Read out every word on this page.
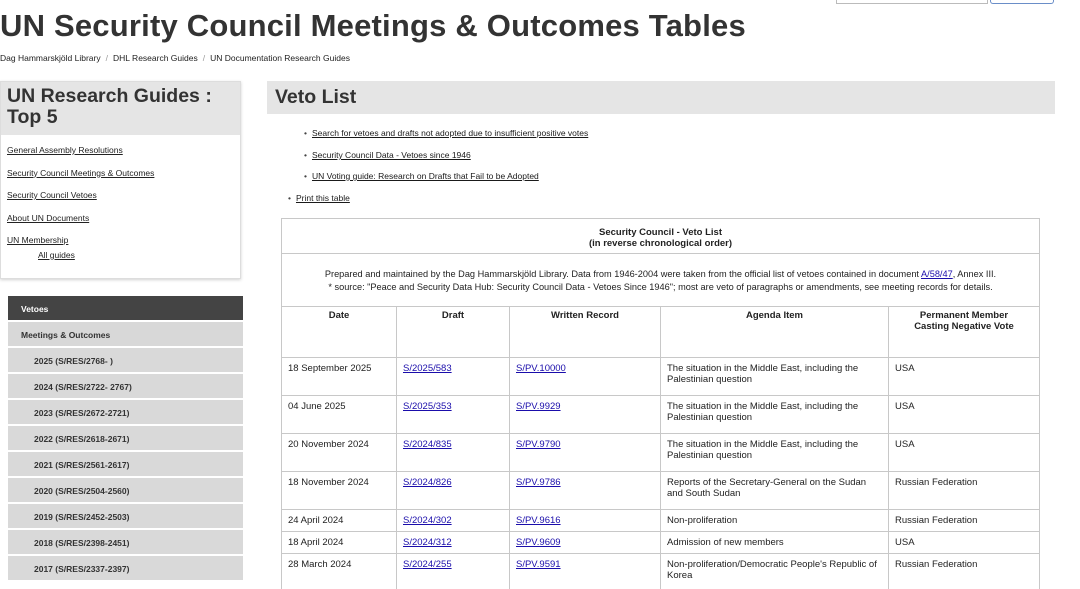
UN Security Council Meetings & Outcomes Tables
Dag Hammarskjöld Library / DHL Research Guides / UN Documentation Research Guides
UN Research Guides : Top 5
General Assembly Resolutions
Security Council Meetings & Outcomes
Security Council Vetoes
About UN Documents
UN Membership
All guides
Vetoes
Meetings & Outcomes
2025 (S/RES/2768- )
2024 (S/RES/2722- 2767)
2023 (S/RES/2672-2721)
2022 (S/RES/2618-2671)
2021 (S/RES/2561-2617)
2020 (S/RES/2504-2560)
2019 (S/RES/2452-2503)
2018 (S/RES/2398-2451)
2017 (S/RES/2337-2397)
Veto List
• Search for vetoes and drafts not adopted due to insufficient positive votes
• Security Council Data - Vetoes since 1946
• UN Voting guide: Research on Drafts that Fail to be Adopted
• Print this table
Security Council - Veto List
(in reverse chronological order)				

Prepared and maintained by the Dag Hammarskjöld Library. Data from 1946-2004 were taken from the official list of vetoes contained in document A/58/47, Annex III.
* source: "Peace and Security Data Hub: Security Council Data - Vetoes Since 1946"; most are veto of paragraphs or amendments, see meeting records for details.				
Date	Draft	Written Record	Agenda Item	Permanent Member Casting Negative Vote
18 September 2025	S/2025/583	S/PV.10000	The situation in the Middle East, including the Palestinian question	USA
04 June 2025	S/2025/353	S/PV.9929	The situation in the Middle East, including the Palestinian question	USA
20 November 2024	S/2024/835	S/PV.9790	The situation in the Middle East, including the Palestinian question	USA
18 November 2024	S/2024/826	S/PV.9786	Reports of the Secretary-General on the Sudan and South Sudan	Russian Federation
24 April 2024	S/2024/302	S/PV.9616	Non-proliferation	Russian Federation
18 April 2024	S/2024/312	S/PV.9609	Admission of new members	USA
28 March 2024	S/2024/255	S/PV.9591	Non-proliferation/Democratic People's Republic of Korea	Russian Federation
